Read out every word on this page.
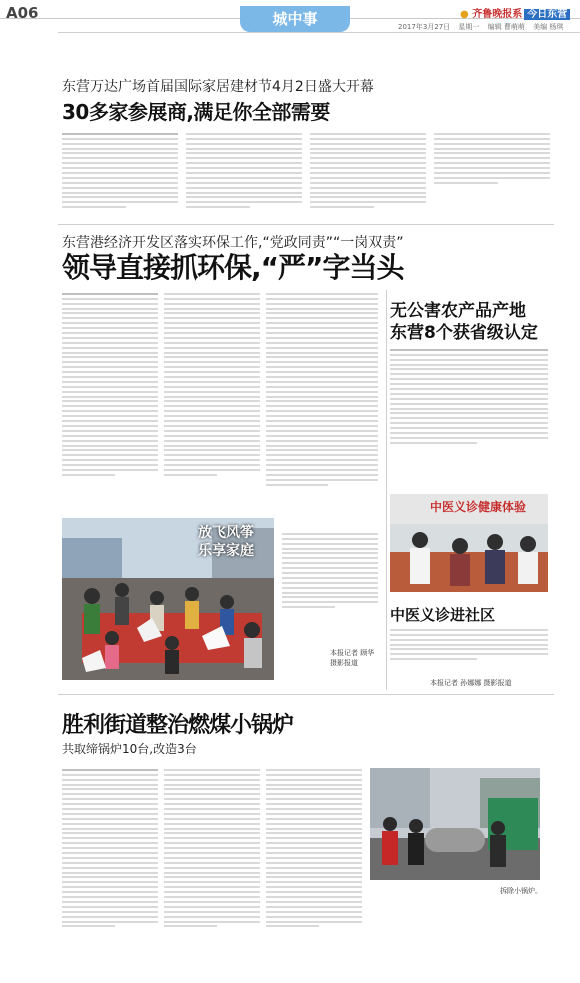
A06	城中事	● 齐鲁晚报系 今日东营
2017年3月27日 星期一 编辑 曹萌萌 美编 杨琪
东营万达广场首届国际家居建材节4月2日盛大开幕
30多家参展商,满足你全部需要
东营港经济开发区落实环保工作,“党政同责”“一岗双责”
领导直接抓环保,“严”字当头
放飞风筝
乐享家庭
本报记者 顾华 摄影报道
无公害农产品产地
东营8个获省级认定
中医义诊健康体验
中医义诊进社区
本报记者 孙娜娜 摄影报道
胜利街道整治燃煤小锅炉
共取缔锅炉10台,改造3台
拆除小锅炉。
